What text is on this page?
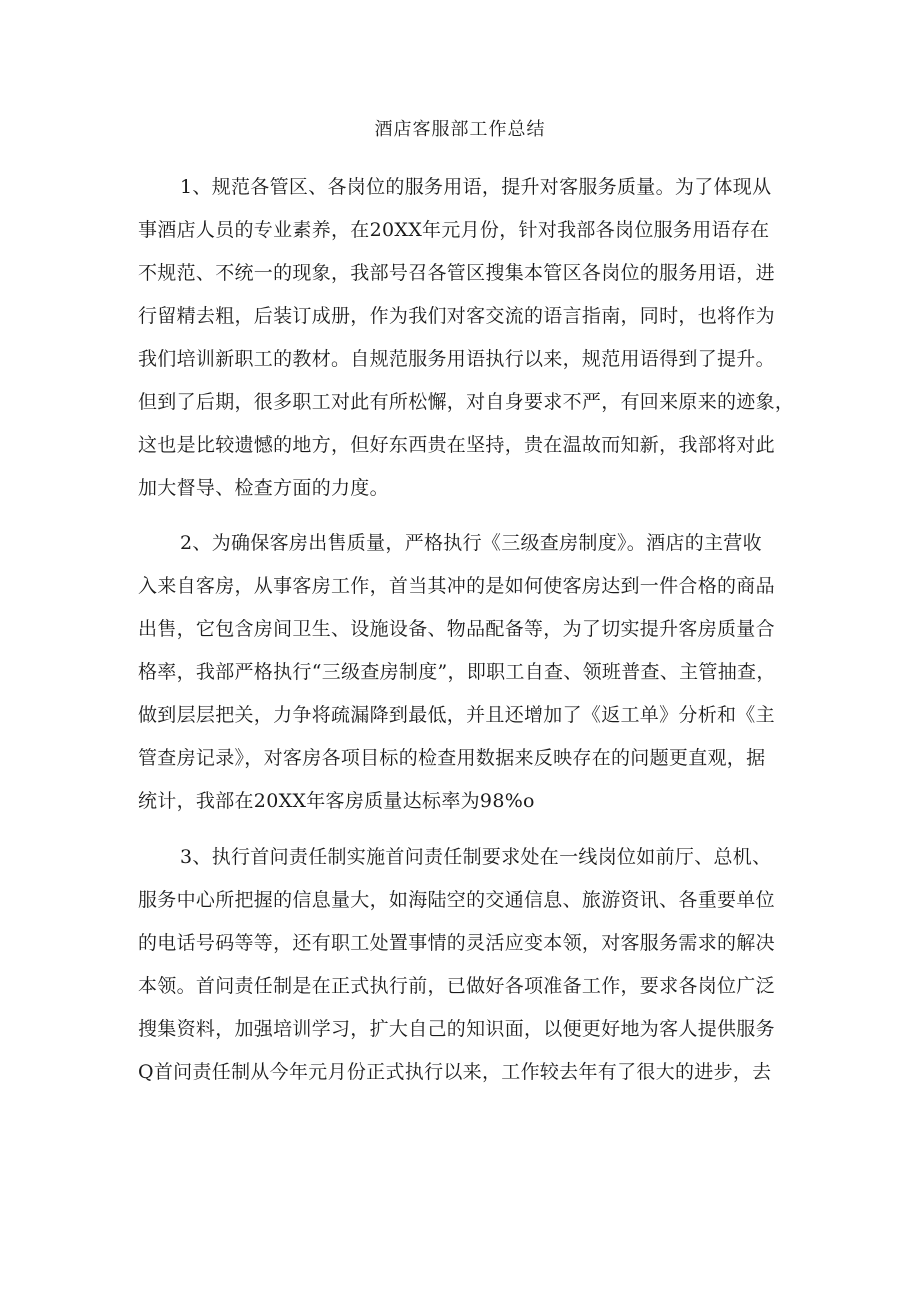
酒店客服部工作总结
1、规范各管区、各岗位的服务用语，提升对客服务质量。为了体现从
事酒店人员的专业素养，在20XX年元月份，针对我部各岗位服务用语存在
不规范、不统一的现象，我部号召各管区搜集本管区各岗位的服务用语，进
行留精去粗，后装订成册，作为我们对客交流的语言指南，同时，也将作为
我们培训新职工的教材。自规范服务用语执行以来，规范用语得到了提升。
但到了后期，很多职工对此有所松懈，对自身要求不严，有回来原来的迹象，
这也是比较遗憾的地方，但好东西贵在坚持，贵在温故而知新，我部将对此
加大督导、检查方面的力度。
2、为确保客房出售质量，严格执行《三级查房制度》。酒店的主营收
入来自客房，从事客房工作，首当其冲的是如何使客房达到一件合格的商品
出售，它包含房间卫生、设施设备、物品配备等，为了切实提升客房质量合
格率，我部严格执行“三级查房制度”，即职工自查、领班普查、主管抽查，
做到层层把关，力争将疏漏降到最低，并且还增加了《返工单》分析和《主
管查房记录》，对客房各项目标的检查用数据来反映存在的问题更直观，据
统计，我部在20XX年客房质量达标率为98%o
3、执行首问责任制实施首问责任制要求处在一线岗位如前厅、总机、
服务中心所把握的信息量大，如海陆空的交通信息、旅游资讯、各重要单位
的电话号码等等，还有职工处置事情的灵活应变本领，对客服务需求的解决
本领。首问责任制是在正式执行前，已做好各项准备工作，要求各岗位广泛
搜集资料，加强培训学习，扩大自己的知识面，以便更好地为客人提供服务
Q首问责任制从今年元月份正式执行以来，工作较去年有了很大的进步，去
